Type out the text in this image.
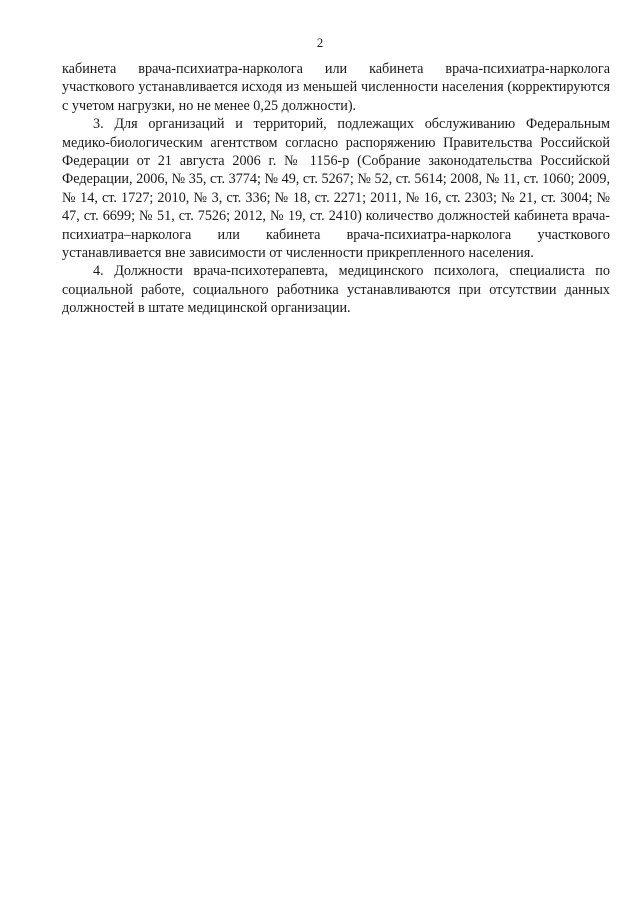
2

кабинета врача-психиатра-нарколога или кабинета врача-психиатра-нарколога участкового устанавливается исходя из меньшей численности населения (корректируются с учетом нагрузки, но не менее 0,25 должности).

3. Для организаций и территорий, подлежащих обслуживанию Федеральным медико-биологическим агентством согласно распоряжению Правительства Российской Федерации от 21 августа 2006 г. № 1156-р (Собрание законодательства Российской Федерации, 2006, № 35, ст. 3774; № 49, ст. 5267; № 52, ст. 5614; 2008, № 11, ст. 1060; 2009, № 14, ст. 1727; 2010, № 3, ст. 336; № 18, ст. 2271; 2011, № 16, ст. 2303; № 21, ст. 3004; № 47, ст. 6699; № 51, ст. 7526; 2012, № 19, ст. 2410) количество должностей кабинета врача-психиатра–нарколога или кабинета врача-психиатра-нарколога участкового устанавливается вне зависимости от численности прикрепленного населения.

4. Должности врача-психотерапевта, медицинского психолога, специалиста по социальной работе, социального работника устанавливаются при отсутствии данных должностей в штате медицинской организации.
